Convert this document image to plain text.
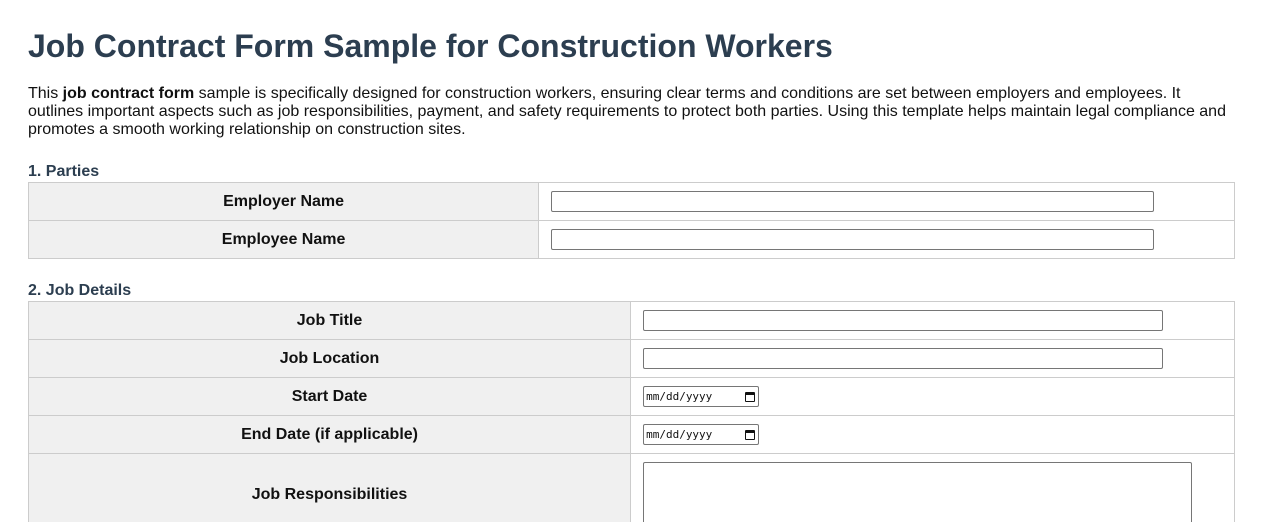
Job Contract Form Sample for Construction Workers

This job contract form sample is specifically designed for construction workers, ensuring clear terms and conditions are set between employers and employees. It outlines important aspects such as job responsibilities, payment, and safety requirements to protect both parties. Using this template helps maintain legal compliance and promotes a smooth working relationship on construction sites.

1. Parties
Employer Name	

Employee Name	
2. Job Details
Job Title	

Job Location	

Start Date	mm/dd/yyyy

End Date (if applicable)	mm/dd/yyyy

Job Responsibilities	
